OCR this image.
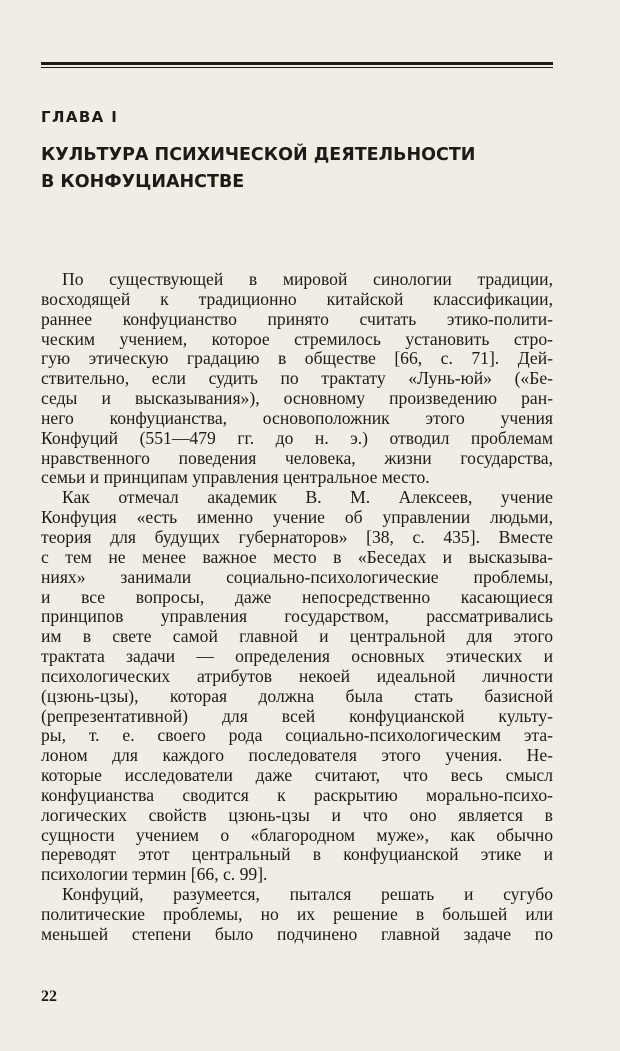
ГЛАВА I
КУЛЬТУРА ПСИХИЧЕСКОЙ ДЕЯТЕЛЬНОСТИ
В КОНФУЦИАНСТВЕ
По существующей в мировой синологии традиции,
восходящей к традиционно китайской классификации,
раннее конфуцианство принято считать этико-полити-
ческим учением, которое стремилось установить стро-
гую этическую градацию в обществе [66, с. 71]. Дей-
ствительно, если судить по трактату «Лунь-юй» («Бе-
седы и высказывания»), основному произведению ран-
него конфуцианства, основоположник этого учения
Конфуций (551—479 гг. до н. э.) отводил проблемам
нравственного поведения человека, жизни государства,
семьи и принципам управления центральное место.
Как отмечал академик В. М. Алексеев, учение
Конфуция «есть именно учение об управлении людьми,
теория для будущих губернаторов» [38, с. 435]. Вместе
с тем не менее важное место в «Беседах и высказыва-
ниях» занимали социально-психологические проблемы,
и все вопросы, даже непосредственно касающиеся
принципов управления государством, рассматривались
им в свете самой главной и центральной для этого
трактата задачи — определения основных этических и
психологических атрибутов некоей идеальной личности
(цзюнь-цзы), которая должна была стать базисной
(репрезентативной) для всей конфуцианской культу-
ры, т. е. своего рода социально-психологическим эта-
лоном для каждого последователя этого учения. Не-
которые исследователи даже считают, что весь смысл
конфуцианства сводится к раскрытию морально-психо-
логических свойств цзюнь-цзы и что оно является в
сущности учением о «благородном муже», как обычно
переводят этот центральный в конфуцианской этике и
психологии термин [66, с. 99].
Конфуций, разумеется, пытался решать и сугубо
политические проблемы, но их решение в большей или
меньшей степени было подчинено главной задаче по

22
